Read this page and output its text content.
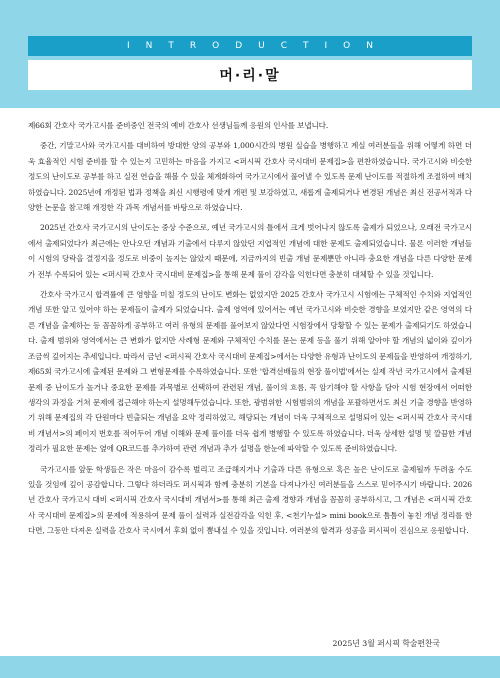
INTRODUCTION
머·리·말

제66회 간호사 국가고시를 준비중인 전국의 예비 간호사 선생님들께 응원의 인사를 보냅니다.

중간, 기말고사와 국가고시를 대비하여 방대한 양의 공부와 1,000시간의 병원 실습을 병행하고 계실 여러분들을 위해 어떻게 하면 더욱 효율적인 시험 준비를 할 수 있는지 고민하는 마음을 가지고 <퍼시픽 간호사 국시대비 문제집>을 편찬하였습니다. 국가고시와 비슷한 정도의 난이도로 공부를 하고 실전 연습을 해볼 수 있을 체계화하여 국가고시에서 풀어낼 수 있도록 문제 난이도를 적절하게 조절하여 배치하였습니다. 2025년에 개정된 법과 정책을 최신 시행령에 맞게 개편 및 보강하였고, 새롭게 출제되거나 변경된 개념은 최신 전공서적과 다양한 논문을 참고해 개정한 각 과목 개념서를 바탕으로 하였습니다.

2025년 간호사 국가고시의 난이도는 중상 수준으로, 예년 국가고시의 틀에서 크게 벗어나지 않도록 출제가 되었으나, 오래전 국가고시에서 출제되었다가 최근에는 안나오던 개념과 기출에서 다루지 않았던 지엽적인 개념에 대한 문제도 출제되었습니다. 물론 이러한 개념들이 시험의 당락을 결정지을 정도로 비중이 높지는 않았지 때문에, 지금까지의 빈출 개념 문제뿐만 아니라 충요한 개념을 다른 다양한 문제가 전부 수록되어 있는 <퍼시픽 간호사 국시대비 문제집>을 통해 문제 풀이 감각을 익힌다면 충분히 대체할 수 있을 것입니다.

간호사 국가고시 합격률에 큰 영향을 미칠 정도의 난이도 변화는 없었지만 2025 간호사 국가고시 시험에는 구체적인 수치와 지엽적인 개념 또한 알고 있어야 하는 문제들이 출제가 되었습니다. 출제 영역에 있어서는 예년 국가고시와 비슷한 경향을 보였지만 같은 영역의 다른 개념을 출제하는 등 꼼꼼하게 공부하고 여러 유형의 문제를 풀어보지 않았다면 시험장에서 당황할 수 있는 문제가 출제되기도 하였습니다. 출제 범위와 영역에서는 큰 변화가 없지만 사례형 문제와 구체적인 수치를 묻는 문제 등을 풀기 위해 알아야 할 개념의 넓이와 깊이가 조금씩 깊어지는 추세입니다. 따라서 금년 <퍼시픽 간호사 국시대비 문제집>에서는 다양한 유형과 난이도의 문제들을 반영하여 개정하기, 제65회 국가고시에 출제된 문제와 그 변형문제를 수록하였습니다. 또한 '합격선배들의 현장 풀이법'에서는 실제 작년 국가고시에서 출제된 문제 중 난이도가 높거나 중요한 문제를 과목별로 선택하여 관련된 개념, 풀이의 흐름, 꼭 암기해야 할 사항을 담아 시험 현장에서 어떠한 생각의 과정을 거쳐 문제에 접근해야 하는지 설명해두었습니다. 또한, 광범위한 시험범위의 개념을 포괄하면서도 최신 기출 경향을 반영하기 위해 문제집의 각 단원마다 빈출되는 개념을 요약 정리하였고, 해당되는 개념이 더욱 구체적으로 설명되어 있는 <퍼시픽 간호사 국시대비 개념서>의 페이지 번호를 적어두어 개념 이해와 문제 풀이를 더욱 쉽게 병행할 수 있도록 하였습니다. 더욱 상세한 설명 및 깔끔한 개념 정리가 필요한 문제는 옆에 QR코드를 추가하여 관련 개념과 추가 설명을 한눈에 파악할 수 있도록 준비하였습니다.

국가고시를 앞둔 학생들은 작은 마음이 감수록 벌리고 조급해지거나 기출과 다른 유형으로 혹은 높은 난이도로 출제될까 두려움 수도 있을 것임에 깊이 공감합니다. 그렇다 하더라도 퍼시픽과 함께 충분히 기본을 다져나가신 여러분들을 스스로 믿어주시기 바랍니다. 2026년 간호사 국가고시 대비 <퍼시픽 간호사 국시대비 개념서>를 통해 최근 출제 경향과 개념을 꼼꼼히 공부하시고, 그 개념은 <퍼시픽 간호사 국시대비 문제집>의 문제에 적용하여 문제 풀이 실력과 실전감각을 익힌 후, <천기누설> mini book으로 틈틈이 놓친 개념 정리를 한다면, 그동안 다져온 실력을 간호사 국시에서 후회 없이 뽐내실 수 있을 것입니다. 여러분의 합격과 성공을 퍼시픽이 진심으로 응원합니다.

2025년 3월 퍼시픽 학술편찬국
